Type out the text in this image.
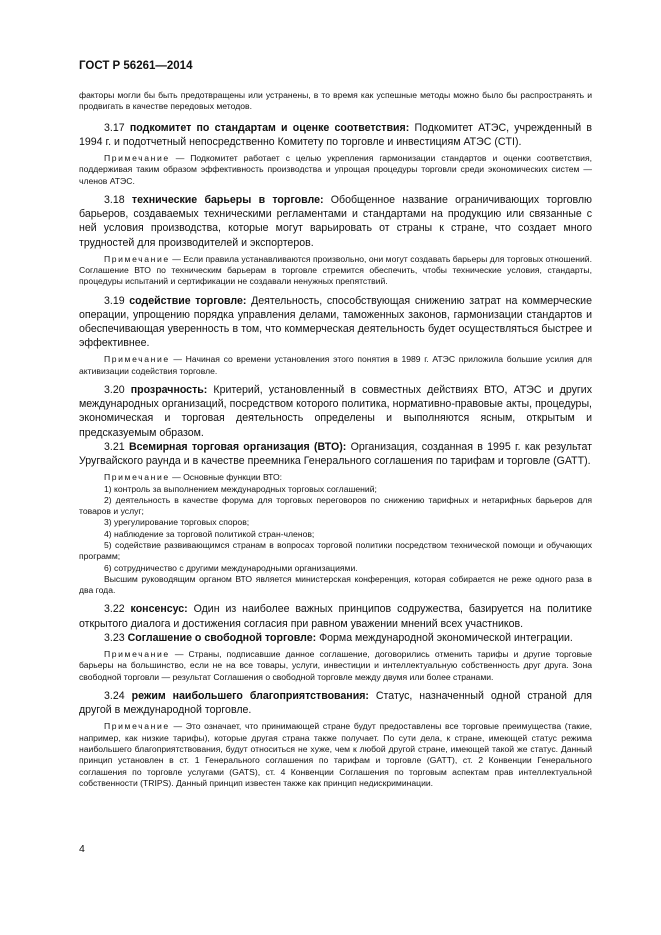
ГОСТ Р 56261—2014

факторы могли бы быть предотвращены или устранены, в то время как успешные методы можно было бы распространять и продвигать в качестве передовых методов.

3.17 подкомитет по стандартам и оценке соответствия: Подкомитет АТЭС, учрежденный в 1994 г. и подотчетный непосредственно Комитету по торговле и инвестициям АТЭС (CTI).

Примечание — Подкомитет работает с целью укрепления гармонизации стандартов и оценки соответствия, поддерживая таким образом эффективность производства и упрощая процедуры торговли среди экономических систем — членов АТЭС.

3.18 технические барьеры в торговле: Обобщенное название ограничивающих торговлю барьеров, создаваемых техническими регламентами и стандартами на продукцию или связанные с ней условия производства, которые могут варьировать от страны к стране, что создает много трудностей для производителей и экспортеров.

Примечание — Если правила устанавливаются произвольно, они могут создавать барьеры для торговых отношений. Соглашение ВТО по техническим барьерам в торговле стремится обеспечить, чтобы технические условия, стандарты, процедуры испытаний и сертификации не создавали ненужных препятствий.

3.19 содействие торговле: Деятельность, способствующая снижению затрат на коммерческие операции, упрощению порядка управления делами, таможенных законов, гармонизации стандартов и обеспечивающая уверенность в том, что коммерческая деятельность будет осуществляться быстрее и эффективнее.

Примечание — Начиная со времени установления этого понятия в 1989 г. АТЭС приложила большие усилия для активизации содействия торговле.

3.20 прозрачность: Критерий, установленный в совместных действиях ВТО, АТЭС и других международных организаций, посредством которого политика, нормативно-правовые акты, процедуры, экономическая и торговая деятельность определены и выполняются ясным, открытым и предсказуемым образом.

3.21 Всемирная торговая организация (ВТО): Организация, созданная в 1995 г. как результат Уругвайского раунда и в качестве преемника Генерального соглашения по тарифам и торговле (GATT).

Примечание — Основные функции ВТО:

1) контроль за выполнением международных торговых соглашений;

2) деятельность в качестве форума для торговых переговоров по снижению тарифных и нетарифных барьеров для товаров и услуг;

3) урегулирование торговых споров;

4) наблюдение за торговой политикой стран-членов;

5) содействие развивающимся странам в вопросах торговой политики посредством технической помощи и обучающих программ;

6) сотрудничество с другими международными организациями.

Высшим руководящим органом ВТО является министерская конференция, которая собирается не реже одного раза в два года.

3.22 консенсус: Один из наиболее важных принципов содружества, базируется на политике открытого диалога и достижения согласия при равном уважении мнений всех участников.

3.23 Соглашение о свободной торговле: Форма международной экономической интеграции.

Примечание — Страны, подписавшие данное соглашение, договорились отменить тарифы и другие торговые барьеры на большинство, если не на все товары, услуги, инвестиции и интеллектуальную собственность друг друга. Зона свободной торговли — результат Соглашения о свободной торговле между двумя или более странами.

3.24 режим наибольшего благоприятствования: Статус, назначенный одной страной для другой в международной торговле.

Примечание — Это означает, что принимающей стране будут предоставлены все торговые преимущества (такие, например, как низкие тарифы), которые другая страна также получает. По сути дела, к стране, имеющей статус режима наибольшего благоприятствования, будут относиться не хуже, чем к любой другой стране, имеющей такой же статус. Данный принцип установлен в ст. 1 Генерального соглашения по тарифам и торговле (GATT), ст. 2 Конвенции Генерального соглашения по торговле услугами (GATS), ст. 4 Конвенции Соглашения по торговым аспектам прав интеллектуальной собственности (TRIPS). Данный принцип известен также как принцип недискриминации.

4
